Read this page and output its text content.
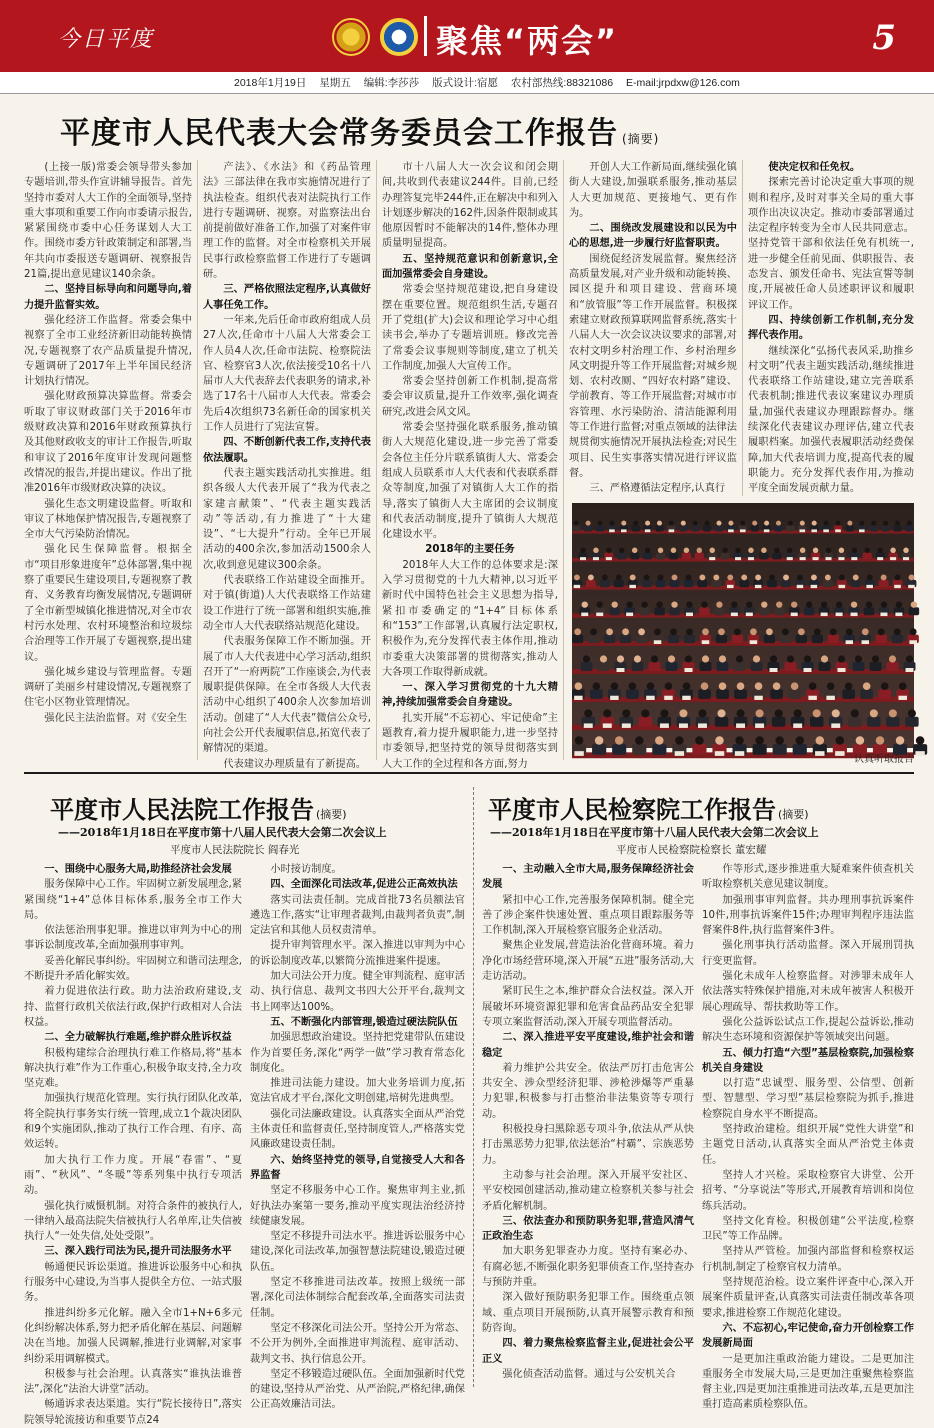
今日平度	聚焦“两会”	5
2018年1月19日 星期五 编辑:李莎莎 版式设计:宿愿 农村部热线:88321086 E-mail:jrpdxw@126.com
平度市人民代表大会常务委员会工作报告 (摘要)

(上接一版)常委会领导带头参加专题培训,带头作宣讲辅导报告。首先坚持市委对人大工作的全面领导,坚持重大事项和重要工作向市委请示报告,紧紧围绕市委中心任务谋划人大工作。围绕市委方针政策制定和部署,当年共向市委报送专题调研、视察报告21篇,提出意见建议140余条。

二、坚持目标导向和问题导向,着力提升监督实效。

强化经济工作监督。常委会集中视察了全市工业经济新旧动能转换情况,专题视察了农产品质量提升情况,专题调研了2017年上半年国民经济计划执行情况。

强化财政预算决算监督。常委会听取了审议财政部门关于2016年市级财政决算和2016年财政预算执行及其他财政收支的审计工作报告,听取和审议了2016年度审计发现问题整改情况的报告,并提出建议。作出了批准2016年市级财政决算的决议。

强化生态文明建设监督。听取和审议了林地保护情况报告,专题视察了全市大气污染防治情况。

强化民生保障监督。根据全市“项目形象进度年”总体部署,集中视察了重要民生建设项目,专题视察了教育、义务教育均衡发展情况,专题调研了全市新型城镇化推进情况,对全市农村污水处理、农村环境整治和垃圾综合治理等工作开展了专题视察,提出建议。

强化城乡建设与管理监督。专题调研了美丽乡村建设情况,专题视察了住宅小区物业管理情况。

强化民主法治监督。对《安全生

产法》、《水法》和《药品管理法》三部法律在我市实施情况进行了执法检查。组织代表对法院执行工作进行专题调研、视察。对监察法出台前提前做好准备工作,加强了对案件审理工作的监督。对全市检察机关开展民事行政检察监督工作进行了专题调研。

三、严格依照法定程序,认真做好人事任免工作。

一年来,先后任命市政府组成人员27人次,任命市十八届人大常委会工作人员4人次,任命市法院、检察院法官、检察官3人次,依法接受10名十八届市人大代表辞去代表职务的请求,补选了17名十八届市人大代表。常委会先后4次组织73名新任命的国家机关工作人员进行了宪法宣誓。

四、不断创新代表工作,支持代表依法履职。

代表主题实践活动扎实推进。组织各级人大代表开展了“我为代表之家建言献策”、“代表主题实践活动”等活动,有力推进了“十大建设”、“七大提升”行动。全年已开展活动的400余次,参加活动1500余人次,收到意见建议300余条。

代表联络工作站建设全面推开。对于镇(街道)人大代表联络工作站建设工作进行了统一部署和组织实施,推动全市人大代表联络站规范化建设。

代表服务保障工作不断加强。开展了市人大代表进中心学习活动,组织召开了“一府两院”工作座谈会,为代表履职提供保障。在全市各级人大代表活动中心组织了400余人次参加培训活动。创建了“人大代表”微信公众号,向社会公开代表履职信息,拓宽代表了解情况的渠道。

代表建议办理质量有了新提高。

市十八届人大一次会议和闭会期间,共收到代表建议244件。目前,已经办理答复完毕244件,正在解决中和列入计划逐步解决的162件,因条件限制或其他原因暂时不能解决的14件,整体办理质量明显提高。

五、坚持规范意识和创新意识,全面加强常委会自身建设。

常委会坚持规范建设,把自身建设摆在重要位置。规范组织生活,专题召开了党组(扩大)会议和理论学习中心组读书会,举办了专题培训班。修改完善了常委会议事规则等制度,建立了机关工作制度,加强人大宣传工作。

常委会坚持创新工作机制,提高常委会审议质量,提升工作效率,强化调查研究,改进会风文风。

常委会坚持强化联系服务,推动镇街人大规范化建设,进一步完善了常委会各位主任分片联系镇街人大、常委会组成人员联系市人大代表和代表联系群众等制度,加强了对镇街人大工作的指导,落实了镇街人大主席团的会议制度和代表活动制度,提升了镇街人大规范化建设水平。

2018年的主要任务

2018年人大工作的总体要求是:深入学习贯彻党的十九大精神,以习近平新时代中国特色社会主义思想为指导,紧扣市委确定的“1+4”目标体系和“153”工作部署,认真履行法定职权,积极作为,充分发挥代表主体作用,推动市委重大决策部署的贯彻落实,推动人大各项工作取得新成就。

一、深入学习贯彻党的十九大精神,持续加强常委会自身建设。

扎实开展“不忘初心、牢记使命”主题教育,着力提升履职能力,进一步坚持市委领导,把坚持党的领导贯彻落实到人大工作的全过程和各方面,努力

开创人大工作新局面,继续强化镇街人大建设,加强联系服务,推动基层人大更加规范、更接地气、更有作为。

二、围绕改发展建设和以民为中心的思想,进一步履行好监督职责。

围绕促经济发展监督。聚焦经济高质量发展,对产业升级和动能转换、园区提升和项目建设、营商环境和“放管服”等工作开展监督。积极探索建立财政预算联网监督系统,落实十八届人大一次会议决议要求的部署,对农村文明乡村治理工作、乡村治理乡风文明提升等工作开展监督;对城乡规划、农村改厕、“四好农村路”建设、学前教育、等工作开展监督;对城市市容管理、水污染防治、清洁能源利用等工作进行监督;对重点领域的法律法规贯彻实施情况开展执法检查;对民生项目、民生实事落实情况进行评议监督。

三、严格遵循法定程序,认真行

使决定权和任免权。

探索完善讨论决定重大事项的规则和程序,及时对事关全局的重大事项作出决议决定。推动市委部署通过法定程序转变为全市人民共同意志。坚持党管干部和依法任免有机统一,进一步健全任前见面、供职报告、表态发言、颁发任命书、宪法宣誓等制度,开展被任命人员述职评议和履职评议工作。

四、持续创新工作机制,充分发挥代表作用。

继续深化“弘扬代表风采,助推乡村文明”代表主题实践活动,继续推进代表联络工作站建设,建立完善联系代表机制;推进代表议案建议办理质量,加强代表建议办理跟踪督办。继续深化代表建议办理评估,建立代表履职档案。加强代表履职活动经费保障,加大代表培训力度,提高代表的履职能力。充分发挥代表作用,为推动平度全面发展贡献力量。

认真听取报告
平度市人民法院工作报告 (摘要)
——2018年1月18日在平度市第十八届人民代表大会第二次会议上
平度市人民法院院长 阎春光

一、围绕中心服务大局,助推经济社会发展

服务保障中心工作。牢固树立新发展理念,紧紧围绕“1+4”总体目标体系,服务全市工作大局。

依法惩治刑事犯罪。推进以审判为中心的刑事诉讼制度改革,全面加强刑事审判。

妥善化解民事纠纷。牢固树立和谐司法理念,不断提升矛盾化解实效。

着力促进依法行政。助力法治政府建设,支持、监督行政机关依法行政,保护行政相对人合法权益。

二、全力破解执行难题,维护群众胜诉权益

积极构建综合治理执行难工作格局,将“基本解决执行难”作为工作重心,积极争取支持,全力攻坚克难。

加强执行规范化管理。实行执行团队化改革,将全院执行事务实行统一管理,成立1个裁决团队和9个实施团队,推动了执行工作合理、有序、高效运转。

加大执行工作力度。开展“春雷”、“夏雨”、“秋风”、“冬暖”等系列集中执行专项活动。

强化执行威慑机制。对符合条件的被执行人,一律纳入最高法院失信被执行人名单库,让失信被执行人“一处失信,处处受限”。

三、深入践行司法为民,提升司法服务水平

畅通便民诉讼渠道。推进诉讼服务中心和执行服务中心建设,为当事人提供全方位、一站式服务。

推进纠纷多元化解。融入全市1+N+6多元化纠纷解决体系,努力把矛盾化解在基层、问题解决在当地。加强人民调解,推进行业调解,对家事纠纷采用调解模式。

积极参与社会治理。认真落实“谁执法谁普法”,深化“法治大讲堂”活动。

畅通诉求表达渠道。实行“院长接待日”,落实院领导轮流接访和重要节点24

小时接访制度。

四、全面深化司法改革,促进公正高效执法

落实司法责任制。完成首批73名员额法官遴选工作,落实“让审理者裁判,由裁判者负责”,制定法官和其他人员权责清单。

提升审判管理水平。深入推进以审判为中心的诉讼制度改革,以繁简分流推进案件提速。

加大司法公开力度。健全审判流程、庭审活动、执行信息、裁判文书四大公开平台,裁判文书上网率达100%。

五、不断强化内部管理,锻造过硬法院队伍

加强思想政治建设。坚持把党建带队伍建设作为首要任务,深化“两学一做”学习教育常态化制度化。

推进司法能力建设。加大业务培训力度,拓宽法官成才平台,深化文明创建,培树先进典型。

强化司法廉政建设。认真落实全面从严治党主体责任和监督责任,坚持制度管人,严格落实党风廉政建设责任制。

六、始终坚持党的领导,自觉接受人大和各界监督

坚定不移服务中心工作。聚焦审判主业,抓好执法办案第一要务,推动平度实现法治经济持续健康发展。

坚定不移提升司法水平。推进诉讼服务中心建设,深化司法改革,加强智慧法院建设,锻造过硬队伍。

坚定不移推进司法改革。按照上级统一部署,深化司法体制综合配套改革,全面落实司法责任制。

坚定不移深化司法公开。坚持公开为常态、不公开为例外,全面推进审判流程、庭审活动、裁判文书、执行信息公开。

坚定不移锻造过硬队伍。全面加强新时代党的建设,坚持从严治党、从严治院,严格纪律,确保公正高效廉洁司法。

平度市人民检察院工作报告 (摘要)
——2018年1月18日在平度市第十八届人民代表大会第二次会议上
平度市人民检察院检察长 董宏耀

一、主动融入全市大局,服务保障经济社会发展

紧扣中心工作,完善服务保障机制。健全完善了涉企案件快速处置、重点项目跟踪服务等工作机制,深入开展检察官服务企业活动。

聚焦企业发展,营造法治化营商环境。着力净化市场经营环境,深入开展“五进”服务活动,大走访活动。

紧盯民生之本,维护群众合法权益。深入开展破坏环境资源犯罪和危害食品药品安全犯罪专项立案监督活动,深入开展专项监督活动。

二、深入推进平安平度建设,维护社会和谐稳定

着力维护公共安全。依法严厉打击危害公共安全、涉众型经济犯罪、涉枪涉爆等严重暴力犯罪,积极参与打击整治非法集资等专项行动。

积极投身扫黑除恶专项斗争,依法从严从快打击黑恶势力犯罪,依法惩治“村霸”、宗族恶势力。

主动参与社会治理。深入开展平安社区、平安校园创建活动,推动建立检察机关参与社会矛盾化解机制。

三、依法查办和预防职务犯罪,营造风清气正政治生态

加大职务犯罪查办力度。坚持有案必办、有腐必惩,不断强化职务犯罪侦查工作,坚持查办与预防并重。

深入做好预防职务犯罪工作。围绕重点领域、重点项目开展预防,认真开展警示教育和预防咨询。

四、着力聚焦检察监督主业,促进社会公平正义

强化侦查活动监督。通过与公安机关合

作等形式,逐步推进重大疑难案件侦查机关听取检察机关意见建议制度。

加强刑事审判监督。共办理刑事抗诉案件10件,刑事抗诉案件15件;办理审判程序违法监督案件8件,执行监督案件3件。

强化刑事执行活动监督。深入开展刑罚执行变更监督。

强化未成年人检察监督。对涉罪未成年人依法落实特殊保护措施,对未成年被害人积极开展心理疏导、帮扶救助等工作。

强化公益诉讼试点工作,提起公益诉讼,推动解决生态环境和资源保护等领域突出问题。

五、倾力打造“六型”基层检察院,加强检察机关自身建设

以打造“忠诚型、服务型、公信型、创新型、智慧型、学习型”基层检察院为抓手,推进检察院自身水平不断提高。

坚持政治建检。组织开展“党性大讲堂”和主题党日活动,认真落实全面从严治党主体责任。

坚持人才兴检。采取检察官大讲堂、公开招考、“分享说法”等形式,开展教育培训和岗位练兵活动。

坚持文化育检。积极创建“公平法度,检察卫民”等工作品牌。

坚持从严管检。加强内部监督和检察权运行机制,制定了检察官权力清单。

坚持规范治检。设立案件评查中心,深入开展案件质量评查,认真落实司法责任制改革各项要求,推进检察工作规范化建设。

六、不忘初心,牢记使命,奋力开创检察工作发展新局面

一是更加注重政治能力建设。二是更加注重服务全市发展大局,三是更加注重聚焦检察监督主业,四是更加注重推进司法改革,五是更加注重打造高素质检察队伍。
